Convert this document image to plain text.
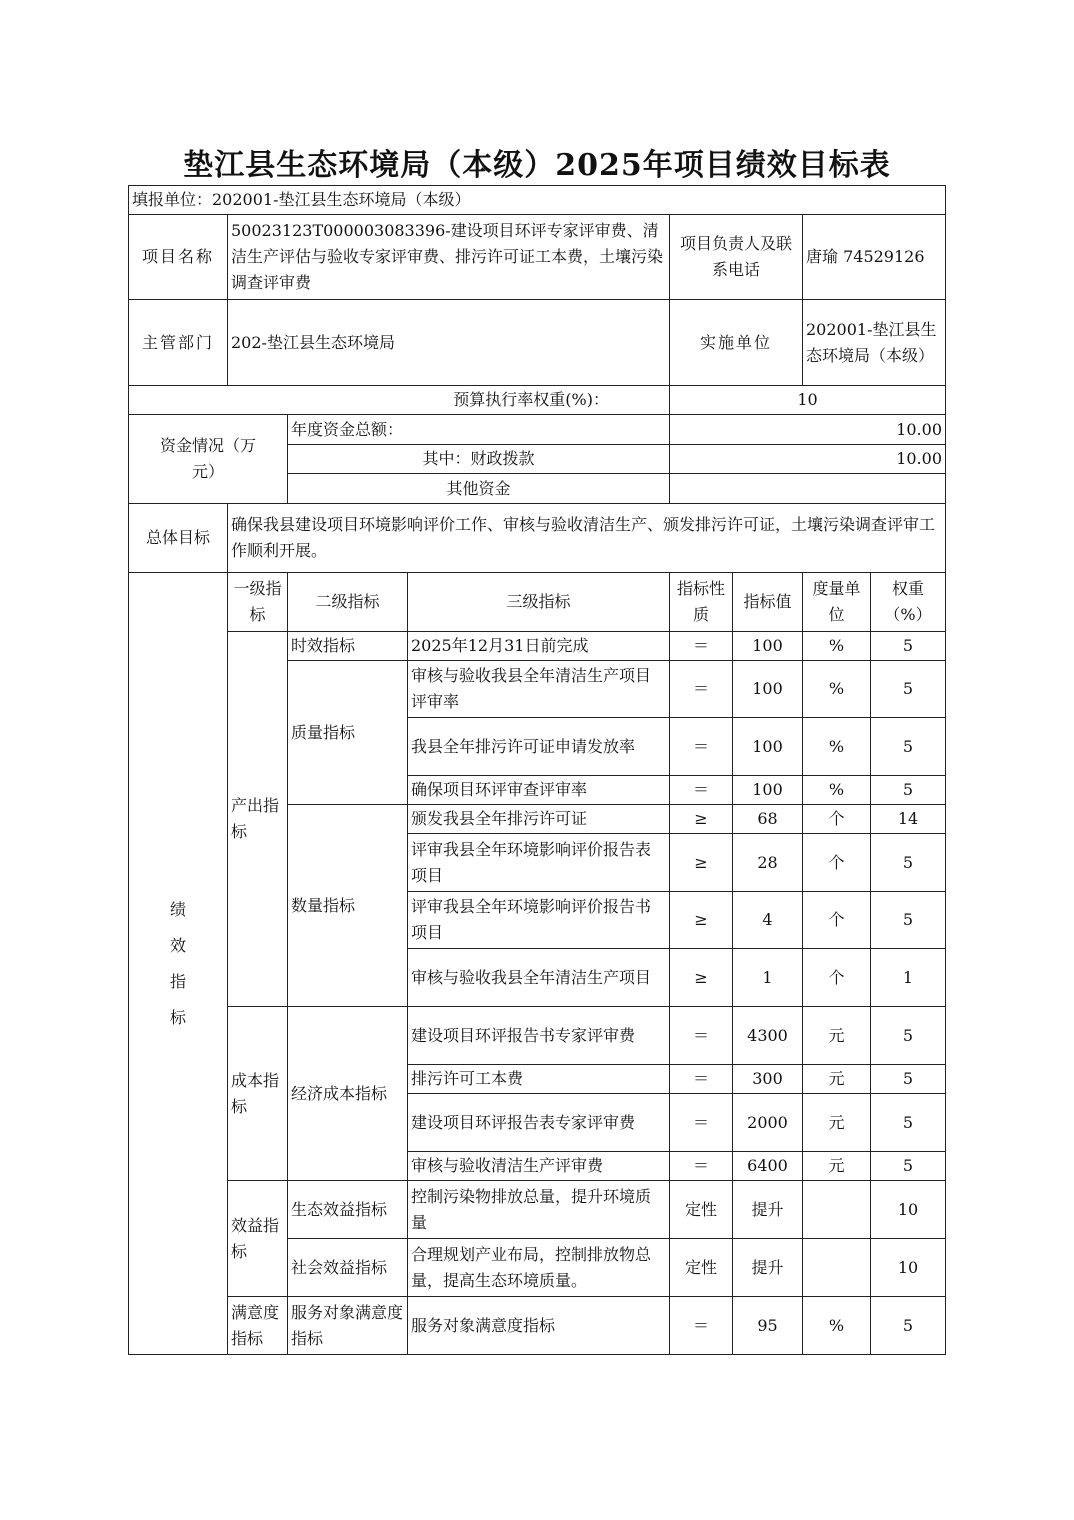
垫江县生态环境局（本级）2025年项目绩效目标表
填报单位：202001-垫江县生态环境局（本级）							
项目名称	50023123T000003083396-建设项目环评专家评审费、清洁生产评估与验收专家评审费、排污许可证工本费，土壤污染调查评审费			项目负责人及联系电话		唐瑜 74529126	
主管部门	202-垫江县生态环境局			实施单位		202001-垫江县生态环境局（本级）	
预算执行率权重(%)：				10			
资金情况（万元）		年度资金总额：		10.00			
		其中：财政拨款		10.00			
		其他资金					
总体目标	确保我县建设项目环境影响评价工作、审核与验收清洁生产、颁发排污许可证，土壤污染调查评审工作顺利开展。						
绩效指标	一级指标	二级指标	三级指标	指标性质	指标值	度量单位	权重（%）
	产出指标	时效指标	2025年12月31日前完成	＝	100	%	5
		质量指标	审核与验收我县全年清洁生产项目评审率	＝	100	%	5
			我县全年排污许可证申请发放率	＝	100	%	5
			确保项目环评审查评审率	＝	100	%	5
		数量指标	颁发我县全年排污许可证	≥	68	个	14
			评审我县全年环境影响评价报告表项目	≥	28	个	5
			评审我县全年环境影响评价报告书项目	≥	4	个	5
			审核与验收我县全年清洁生产项目	≥	1	个	1
	成本指标	经济成本指标	建设项目环评报告书专家评审费	＝	4300	元	5
			排污许可工本费	＝	300	元	5
			建设项目环评报告表专家评审费	＝	2000	元	5
			审核与验收清洁生产评审费	＝	6400	元	5
	效益指标	生态效益指标	控制污染物排放总量，提升环境质量	定性	提升		10
		社会效益指标	合理规划产业布局，控制排放物总量，提高生态环境质量。	定性	提升		10
	满意度指标	服务对象满意度指标	服务对象满意度指标	＝	95	%	5
